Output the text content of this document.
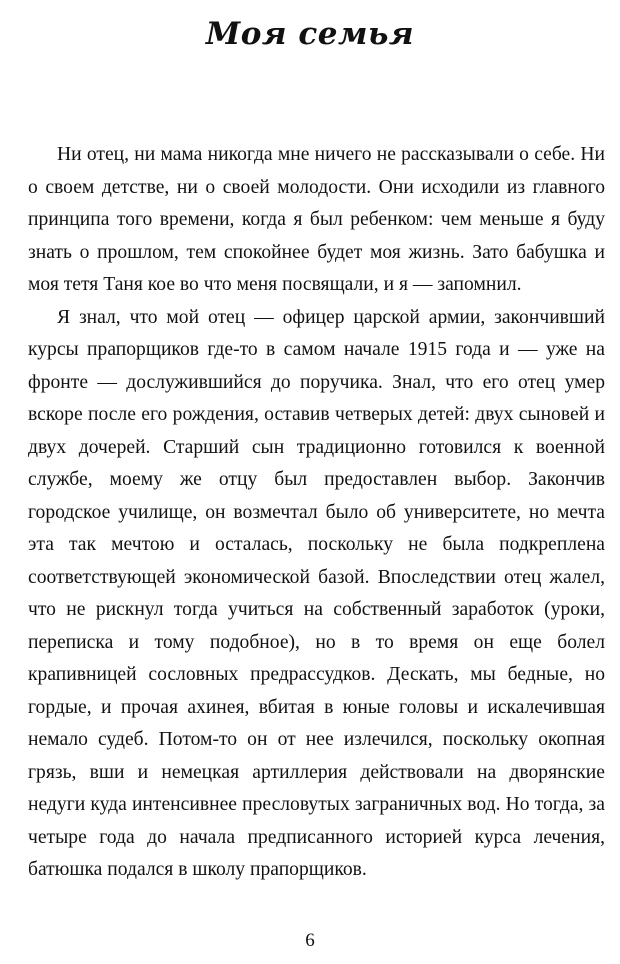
Моя семья

Ни отец, ни мама никогда мне ничего не рассказывали о себе. Ни о своем детстве, ни о своей молодости. Они исходили из главного принципа того времени, когда я был ребенком: чем меньше я буду знать о прошлом, тем спокойнее будет моя жизнь. Зато бабушка и моя тетя Таня кое во что меня посвящали, и я — запомнил.

Я знал, что мой отец — офицер царской армии, закончивший курсы прапорщиков где-то в самом начале 1915 года и — уже на фронте — дослужившийся до поручика. Знал, что его отец умер вскоре после его рождения, оставив четверых детей: двух сыновей и двух дочерей. Старший сын традиционно готовился к военной службе, моему же отцу был предоставлен выбор. Закончив городское училище, он возмечтал было об университете, но мечта эта так мечтою и осталась, поскольку не была подкреплена соответствующей экономической базой. Впоследствии отец жалел, что не рискнул тогда учиться на собственный заработок (уроки, переписка и тому подобное), но в то время он еще болел крапивницей сословных предрассудков. Дескать, мы бедные, но гордые, и прочая ахинея, вбитая в юные головы и искалечившая немало судеб. Потом-то он от нее излечился, поскольку окопная грязь, вши и немецкая артиллерия действовали на дворянские недуги куда интенсивнее пресловутых заграничных вод. Но тогда, за четыре года до начала предписанного историей курса лечения, батюшка подался в школу прапорщиков.

6
